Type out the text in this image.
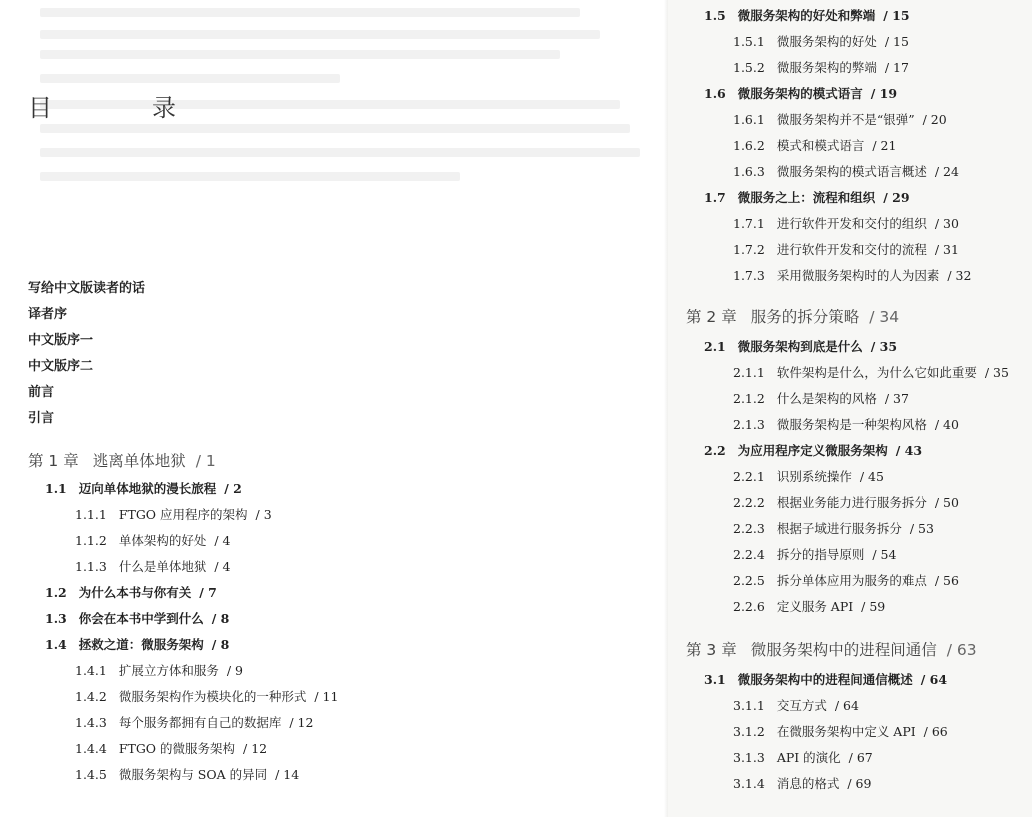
目　录
写给中文版读者的话
译者序
中文版序一
中文版序二
前言
引言
第 1 章 逃离单体地狱 / 1
1.1 迈向单体地狱的漫长旅程 / 2
1.1.1 FTGO 应用程序的架构 / 3
1.1.2 单体架构的好处 / 4
1.1.3 什么是单体地狱 / 4
1.2 为什么本书与你有关 / 7
1.3 你会在本书中学到什么 / 8
1.4 拯救之道：微服务架构 / 8
1.4.1 扩展立方体和服务 / 9
1.4.2 微服务架构作为模块化的一种形式 / 11
1.4.3 每个服务都拥有自己的数据库 / 12
1.4.4 FTGO 的微服务架构 / 12
1.4.5 微服务架构与 SOA 的异同 / 14
1.5 微服务架构的好处和弊端 / 15
1.5.1 微服务架构的好处 / 15
1.5.2 微服务架构的弊端 / 17
1.6 微服务架构的模式语言 / 19
1.6.1 微服务架构并不是“银弹” / 20
1.6.2 模式和模式语言 / 21
1.6.3 微服务架构的模式语言概述 / 24
1.7 微服务之上：流程和组织 / 29
1.7.1 进行软件开发和交付的组织 / 30
1.7.2 进行软件开发和交付的流程 / 31
1.7.3 采用微服务架构时的人为因素 / 32
第 2 章 服务的拆分策略 / 34
2.1 微服务架构到底是什么 / 35
2.1.1 软件架构是什么，为什么它如此重要 / 35
2.1.2 什么是架构的风格 / 37
2.1.3 微服务架构是一种架构风格 / 40
2.2 为应用程序定义微服务架构 / 43
2.2.1 识别系统操作 / 45
2.2.2 根据业务能力进行服务拆分 / 50
2.2.3 根据子域进行服务拆分 / 53
2.2.4 拆分的指导原则 / 54
2.2.5 拆分单体应用为服务的难点 / 56
2.2.6 定义服务 API / 59
第 3 章 微服务架构中的进程间通信 / 63
3.1 微服务架构中的进程间通信概述 / 64
3.1.1 交互方式 / 64
3.1.2 在微服务架构中定义 API / 66
3.1.3 API 的演化 / 67
3.1.4 消息的格式 / 69
